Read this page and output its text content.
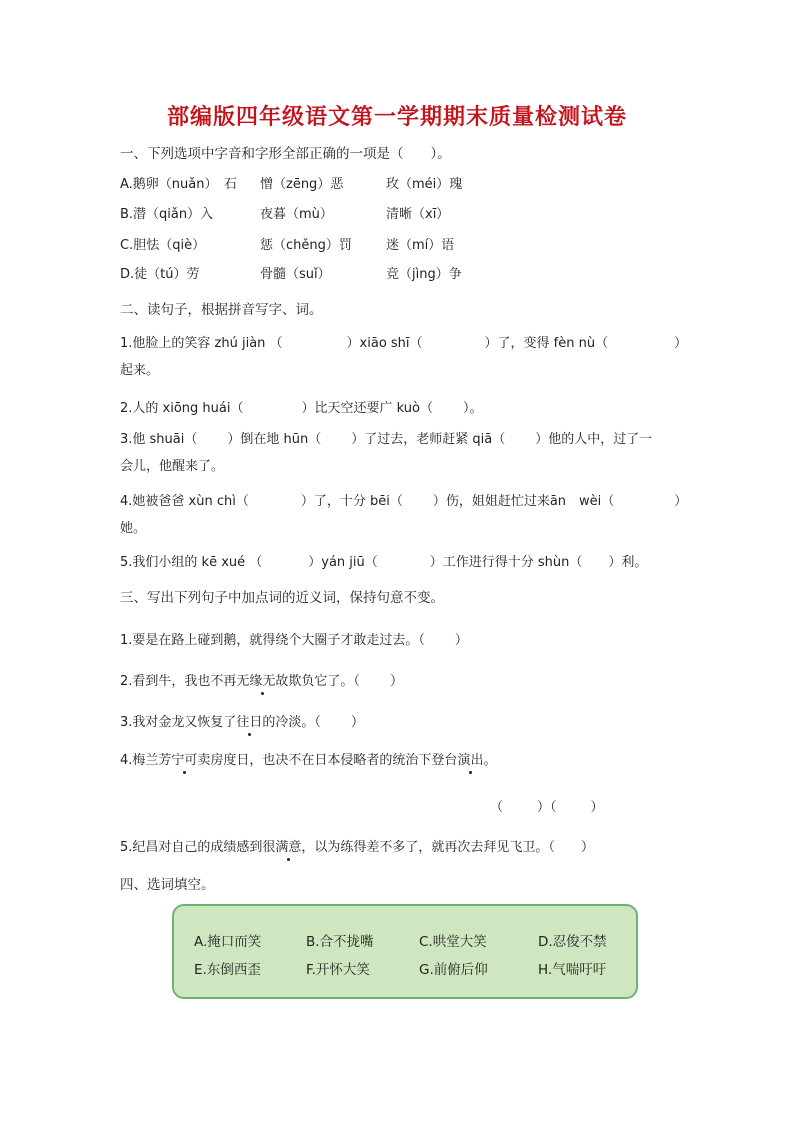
部编版四年级语文第一学期期末质量检测试卷
一、下列选项中字音和字形全部正确的一项是（　　）。
A.鹅卵（nuǎn）　石 憎（zēng）恶	玫（méi）瑰
B.潜（qiǎn）入	夜暮（mù）	清晰（xī）
C.胆怯（qiè）	惩（chěng）罚	迷（mí）语
D.徒（tú）劳	骨髓（suǐ）	竞（jìng）争
二、读句子，根据拼音写字、词。
1.他脸上的笑容 zhú jiàn （	）xiāo shī（	）了，变得 fèn nù（	）
起来。
2.人的 xiōng huái（	）比天空还要广 kuò（ ）。
3.他 shuāi（ ）倒在地 hūn（ ）了过去，老师赶紧 qiā（ ）他的人中，过了一
会儿，他醒来了。
4.她被爸爸 xùn chì（	）了，十分 bēi（ ）伤，姐姐赶忙过来ān　wèi（	）
她。
5.我们小组的 kē xué （	）yán jiū（	）工作进行得十分 shùn（ ）利。
三、写出下列句子中加点词的近义词，保持句意不变。
1.要是在路上碰到鹅，就得绕个大圈子才敢走过去。（ ）
2.看到牛，我也不再无缘无故欺负它了。（ ）
3.我对金龙又恢复了往日的冷淡。（ ）
4.梅兰芳宁可卖房度日，也决不在日本侵略者的统治下登台演出。
（	）（	）
5.纪昌对自己的成绩感到很满意，以为练得差不多了，就再次去拜见飞卫。（ ）
四、选词填空。
A.掩口而笑	B.合不拢嘴	C.哄堂大笑	D.忍俊不禁
E.东倒西歪	F.开怀大笑	G.前俯后仰	H.气喘吁吁
